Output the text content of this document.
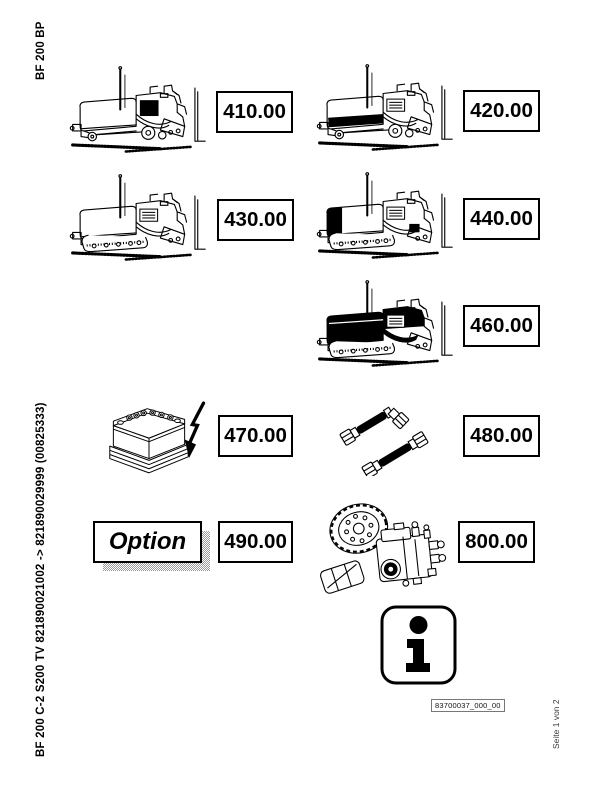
BF 200 BP
BF 200 C-2 S200 TV 821890021002 -> 821890029999 (00825333)	Seite 1 von 2
410.00	420.00
430.00	440.00
460.00
470.00	480.00
Option 490.00	800.00
83700037_000_00
